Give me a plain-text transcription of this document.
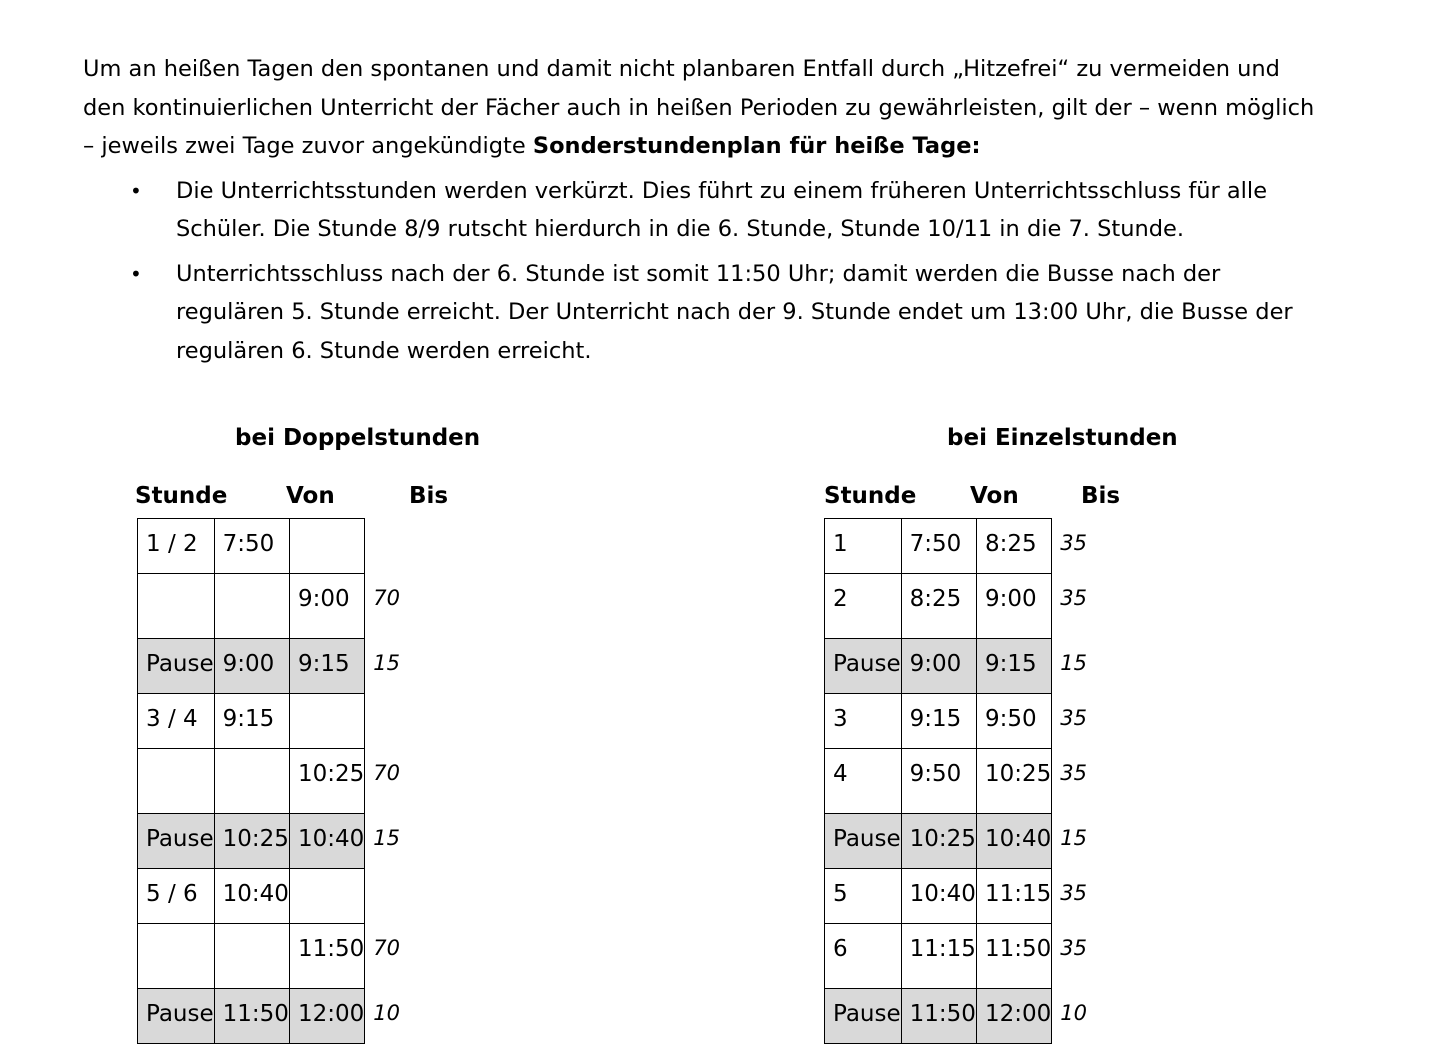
Um an heißen Tagen den spontanen und damit nicht planbaren Entfall durch „Hitzefrei“ zu vermeiden und den kontinuierlichen Unterricht der Fächer auch in heißen Perioden zu gewährleisten, gilt der – wenn möglich – jeweils zwei Tage zuvor angekündigte Sonderstundenplan für heiße Tage:

• Die Unterrichtsstunden werden verkürzt. Dies führt zu einem früheren Unterrichtsschluss für alle Schüler. Die Stunde 8/9 rutscht hierdurch in die 6. Stunde, Stunde 10/11 in die 7. Stunde.
• Unterrichtsschluss nach der 6. Stunde ist somit 11:50 Uhr; damit werden die Busse nach der regulären 5. Stunde erreicht. Der Unterricht nach der 9. Stunde endet um 13:00 Uhr, die Busse der regulären 6. Stunde werden erreicht.
bei Doppelstunden
Stunde	Von	Bis
1 / 2	7:50		
		9:00	70
Pause	9:00	9:15	15
3 / 4	9:15		
		10:25	70
Pause	10:25	10:40	15
5 / 6	10:40		
		11:50	70
Pause	11:50	12:00	10
bei Einzelstunden
Stunde Von	Bis
1	7:50	8:25	35
2	8:25	9:00	35
Pause	9:00	9:15	15
3	9:15	9:50	35
4	9:50	10:25	35
Pause	10:25	10:40	15
5	10:40	11:15	35
6	11:15	11:50	35
Pause	11:50	12:00	10
